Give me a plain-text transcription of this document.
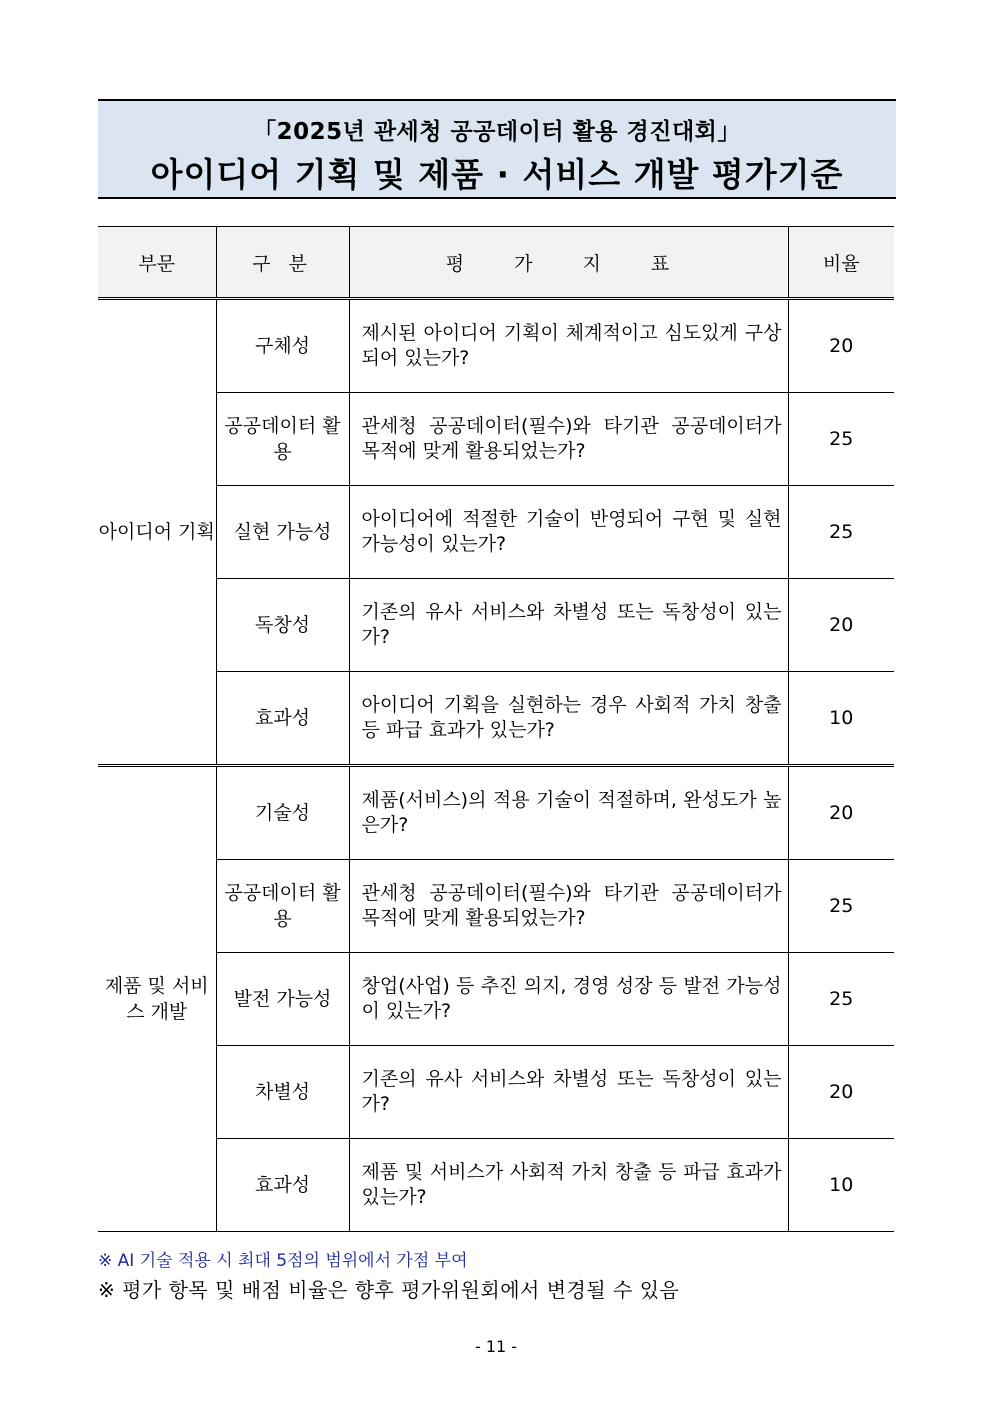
「2025년 관세청 공공데이터 활용 경진대회」
아이디어 기획 및 제품 · 서비스 개발 평가기준
부문	구 분	평 가 지 표	비율
아이디어 기획	구체성	제시된 아이디어 기획이 체계적이고 심도있게 구상되어 있는가?	20
	공공데이터 활용	관세청 공공데이터(필수)와 타기관 공공데이터가 목적에 맞게 활용되었는가?	25
	실현 가능성	아이디어에 적절한 기술이 반영되어 구현 및 실현 가능성이 있는가?	25
	독창성	기존의 유사 서비스와 차별성 또는 독창성이 있는가?	20
	효과성	아이디어 기획을 실현하는 경우 사회적 가치 창출 등 파급 효과가 있는가?	10
제품 및 서비스 개발	기술성	제품(서비스)의 적용 기술이 적절하며, 완성도가 높은가?	20
	공공데이터 활용	관세청 공공데이터(필수)와 타기관 공공데이터가 목적에 맞게 활용되었는가?	25
	발전 가능성	창업(사업) 등 추진 의지, 경영 성장 등 발전 가능성이 있는가?	25
	차별성	기존의 유사 서비스와 차별성 또는 독창성이 있는가?	20
	효과성	제품 및 서비스가 사회적 가치 창출 등 파급 효과가 있는가?	10
※ AI 기술 적용 시 최대 5점의 범위에서 가점 부여
※ 평가 항목 및 배점 비율은 향후 평가위원회에서 변경될 수 있음
- 11 -
